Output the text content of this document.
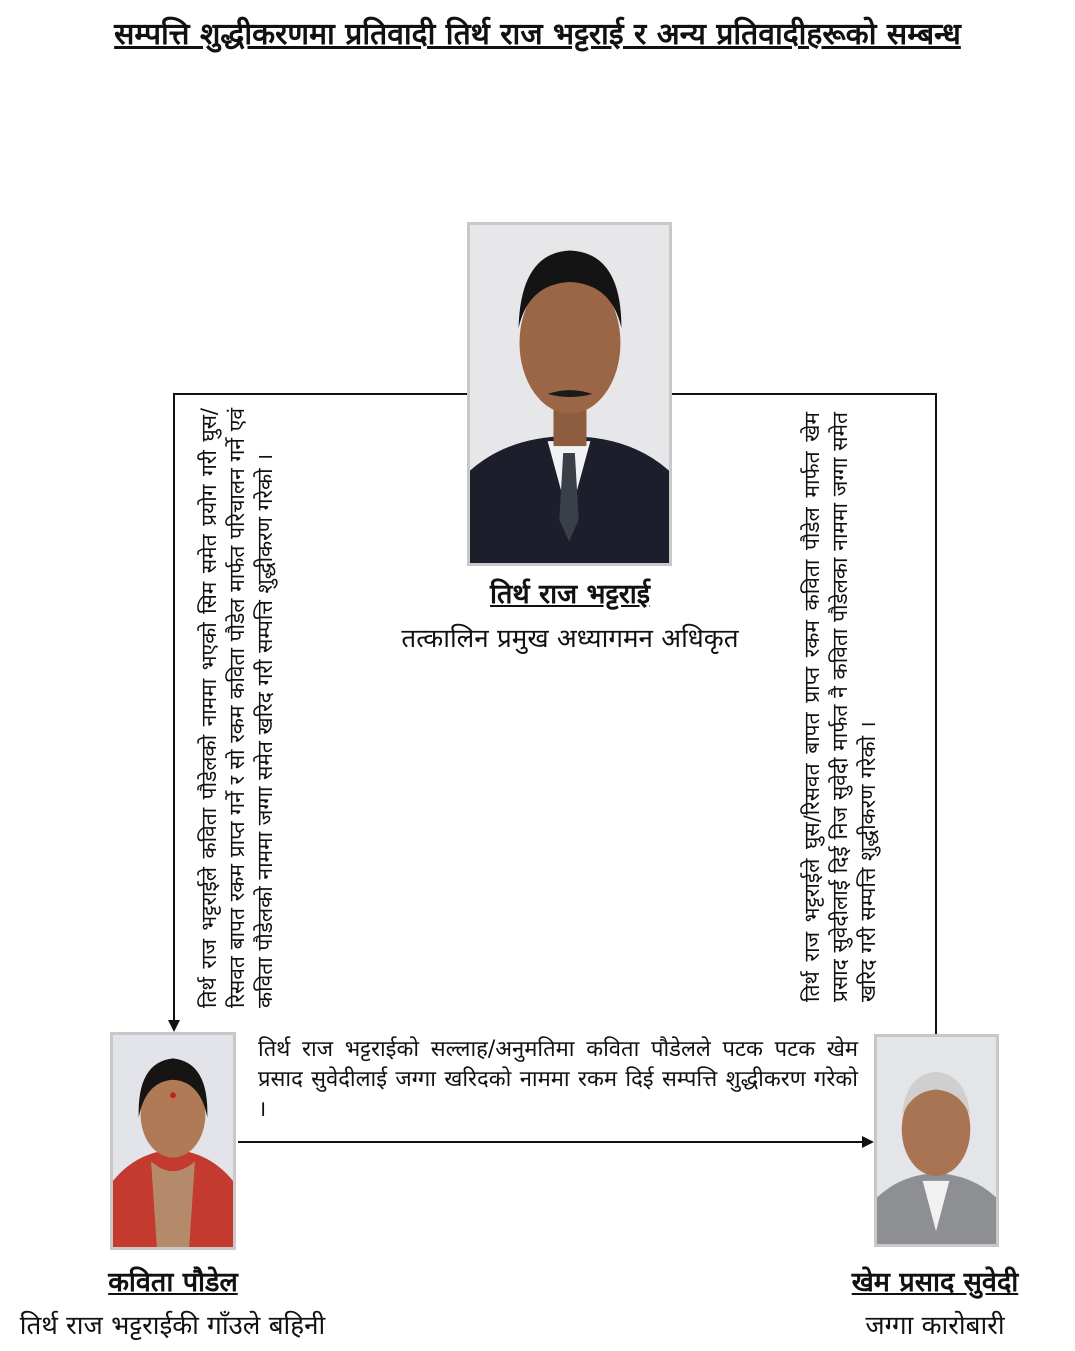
सम्पत्ति शुद्धीकरणमा प्रतिवादी तिर्थ राज भट्टराई र अन्य प्रतिवादीहरूको सम्बन्ध
तिर्थ राज भट्टराई
तत्कालिन प्रमुख अध्यागमन अधिकृत
कविता पौडेल
तिर्थ राज भट्टराईकी गाँउले बहिनी
खेम प्रसाद सुवेदी
जग्गा कारोबारी
तिर्थ राज भट्टराईले कविता पौडेलको नाममा भएको सिम समेत प्रयोग गरी घुस/रिसवत बापत रकम प्राप्त गर्ने र सो रकम कविता पौडेल मार्फत परिचालन गर्ने एवं कविता पौडेलको नाममा जग्गा समेत खरिद गरी सम्पत्ति शुद्धीकरण गरेको ।	तिर्थ राज भट्टराईले घुस/रिसवत बापत प्राप्त रकम कविता पौडेल मार्फत खेम प्रसाद सुवेदीलाई दिई निज सुवेदी मार्फत नै कविता पौडेलका नाममा जग्गा समेत खरिद गरी सम्पत्ति शुद्धीकरण गरेको ।
तिर्थ राज भट्टराईको सल्लाह/अनुमतिमा कविता पौडेलले पटक पटक खेम प्रसाद सुवेदीलाई जग्गा खरिदको नाममा रकम दिई सम्पत्ति शुद्धीकरण गरेको ।
